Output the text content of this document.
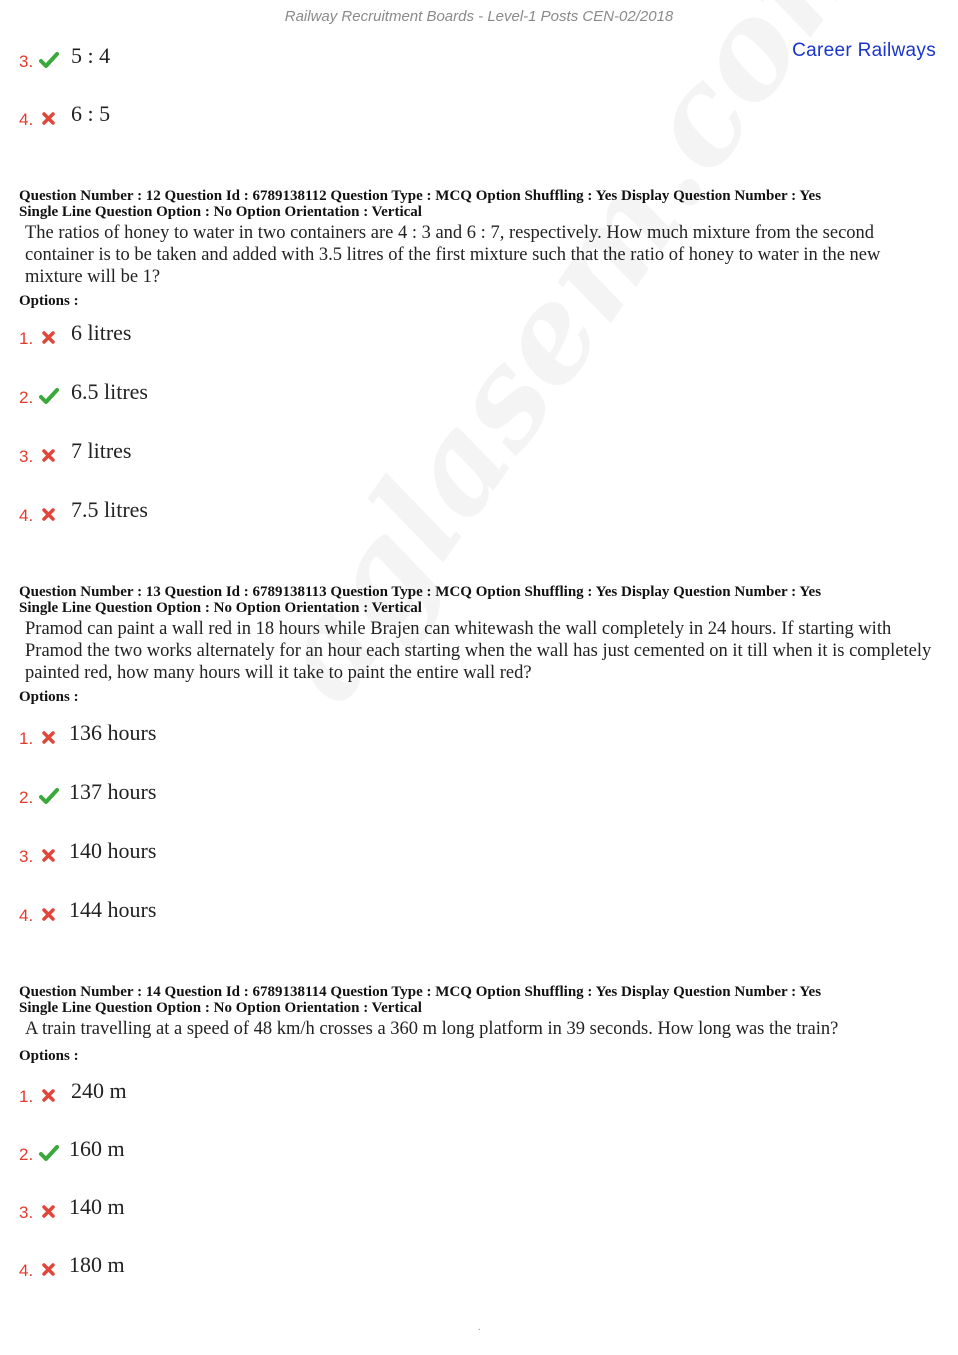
Railway Recruitment Boards - Level-1 Posts CEN-02/2018
Career Railways
3. 5 : 4
4. 6 : 5
Question Number : 12 Question Id : 6789138112 Question Type : MCQ Option Shuffling : Yes Display Question Number : Yes
Single Line Question Option : No Option Orientation : Vertical
The ratios of honey to water in two containers are 4 : 3 and 6 : 7, respectively. How much mixture from the second container is to be taken and added with 3.5 litres of the first mixture such that the ratio of honey to water in the new mixture will be 1?
Options :
1. 6 litres
2. 6.5 litres
3. 7 litres
4. 7.5 litres
Question Number : 13 Question Id : 6789138113 Question Type : MCQ Option Shuffling : Yes Display Question Number : Yes
Single Line Question Option : No Option Orientation : Vertical
Pramod can paint a wall red in 18 hours while Brajen can whitewash the wall completely in 24 hours. If starting with Pramod the two works alternately for an hour each starting when the wall has just cemented on it till when it is completely painted red, how many hours will it take to paint the entire wall red?
Options :
1. 136 hours
2. 137 hours
3. 140 hours
4. 144 hours
Question Number : 14 Question Id : 6789138114 Question Type : MCQ Option Shuffling : Yes Display Question Number : Yes
Single Line Question Option : No Option Orientation : Vertical
A train travelling at a speed of 48 km/h crosses a 360 m long platform in 39 seconds. How long was the train?
Options :
1. 240 m
2. 160 m
3. 140 m
4. 180 m
.
